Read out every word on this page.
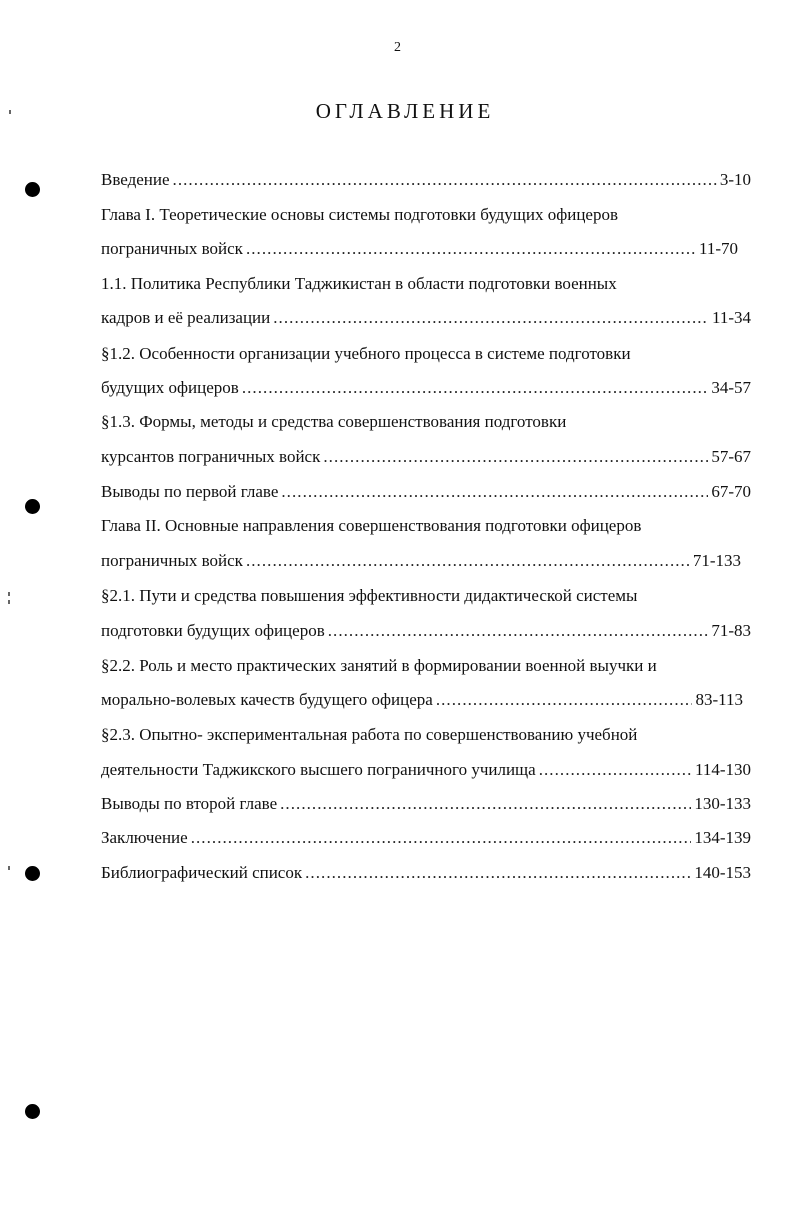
2
ОГЛАВЛЕНИЕ
Введение . . .	3-10
Глава I. Теоретические основы системы подготовки будущих офицеров
пограничных войск . . .	11-70
1.1. Политика Республики Таджикистан в области подготовки военных
кадров и её реализации . . .	11-34
§1.2. Особенности организации учебного процесса в системе подготовки
будущих офицеров . . .	34-57
§1.3. Формы, методы и средства совершенствования подготовки
курсантов пограничных войск . . .	57-67
Выводы по первой главе . . .	67-70
Глава II. Основные направления совершенствования подготовки офицеров
пограничных войск . . .	71-133
§2.1. Пути и средства повышения эффективности дидактической системы
подготовки будущих офицеров . . .	71-83
§2.2. Роль и место практических занятий в формировании военной выучки и
морально-волевых качеств будущего офицера . . .	83-113
§2.3. Опытно- экспериментальная работа по совершенствованию учебной
деятельности Таджикского высшего пограничного училища . . .	114-130
Выводы по второй главе . . .	130-133
Заключение . . .	134-139
Библиографический список . . .	140-153
